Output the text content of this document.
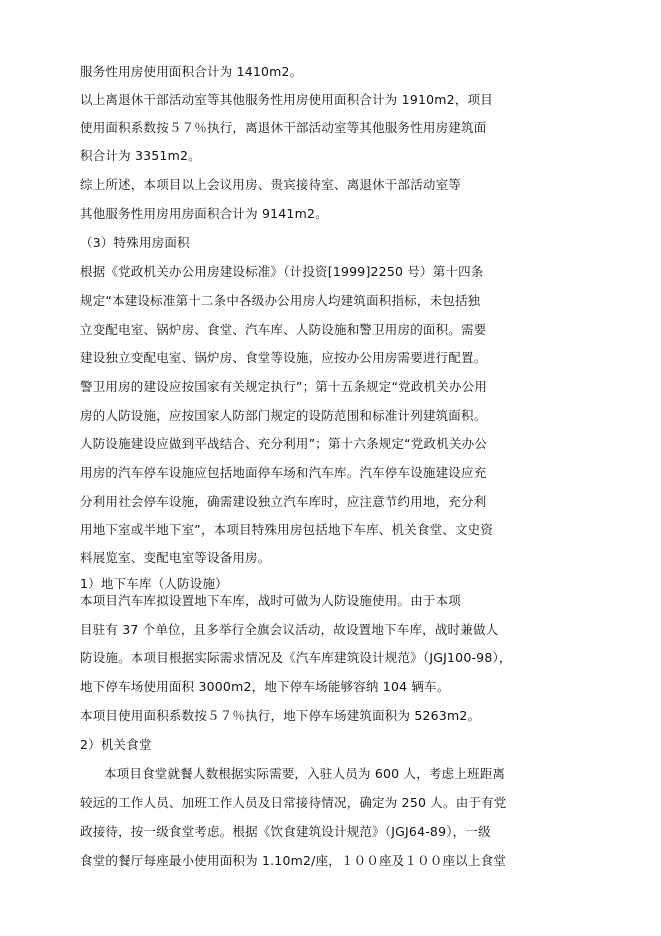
服务性用房使用面积合计为 1410m2。
以上离退休干部活动室等其他服务性用房使用面积合计为 1910m2，项目
使用面积系数按５７％执行，离退休干部活动室等其他服务性用房建筑面
积合计为 3351m2。
综上所述，本项目以上会议用房、贵宾接待室、离退休干部活动室等
其他服务性用房用房面积合计为 9141m2。
（3）特殊用房面积
根据《党政机关办公用房建设标准》（计投资[1999]2250 号）第十四条
规定“本建设标准第十二条中各级办公用房人均建筑面积指标，未包括独
立变配电室、锅炉房、食堂、汽车库、人防设施和警卫用房的面积。需要
建设独立变配电室、锅炉房、食堂等设施，应按办公用房需要进行配置。
警卫用房的建设应按国家有关规定执行”；第十五条规定“党政机关办公用
房的人防设施，应按国家人防部门规定的设防范围和标准计列建筑面积。
人防设施建设应做到平战结合、充分利用”；第十六条规定“党政机关办公
用房的汽车停车设施应包括地面停车场和汽车库。汽车停车设施建设应充
分利用社会停车设施，确需建设独立汽车库时，应注意节约用地，充分利
用地下室或半地下室”，本项目特殊用房包括地下车库、机关食堂、文史资
料展览室、变配电室等设备用房。
1）地下车库（人防设施）
本项目汽车库拟设置地下车库，战时可做为人防设施使用。由于本项
目驻有 37 个单位，且多举行全旗会议活动，故设置地下车库，战时兼做人
防设施。本项目根据实际需求情况及《汽车库建筑设计规范》（JGJ100-98），
地下停车场使用面积 3000m2，地下停车场能够容纳 104 辆车。
本项目使用面积系数按５７％执行，地下停车场建筑面积为 5263m2。
2）机关食堂
本项目食堂就餐人数根据实际需要，入驻人员为 600 人，考虑上班距离
较远的工作人员、加班工作人员及日常接待情况，确定为 250 人。由于有党
政接待，按一级食堂考虑。根据《饮食建筑设计规范》（JGJ64-89），一级
食堂的餐厅每座最小使用面积为 1.10m2/座，１００座及１００座以上食堂
